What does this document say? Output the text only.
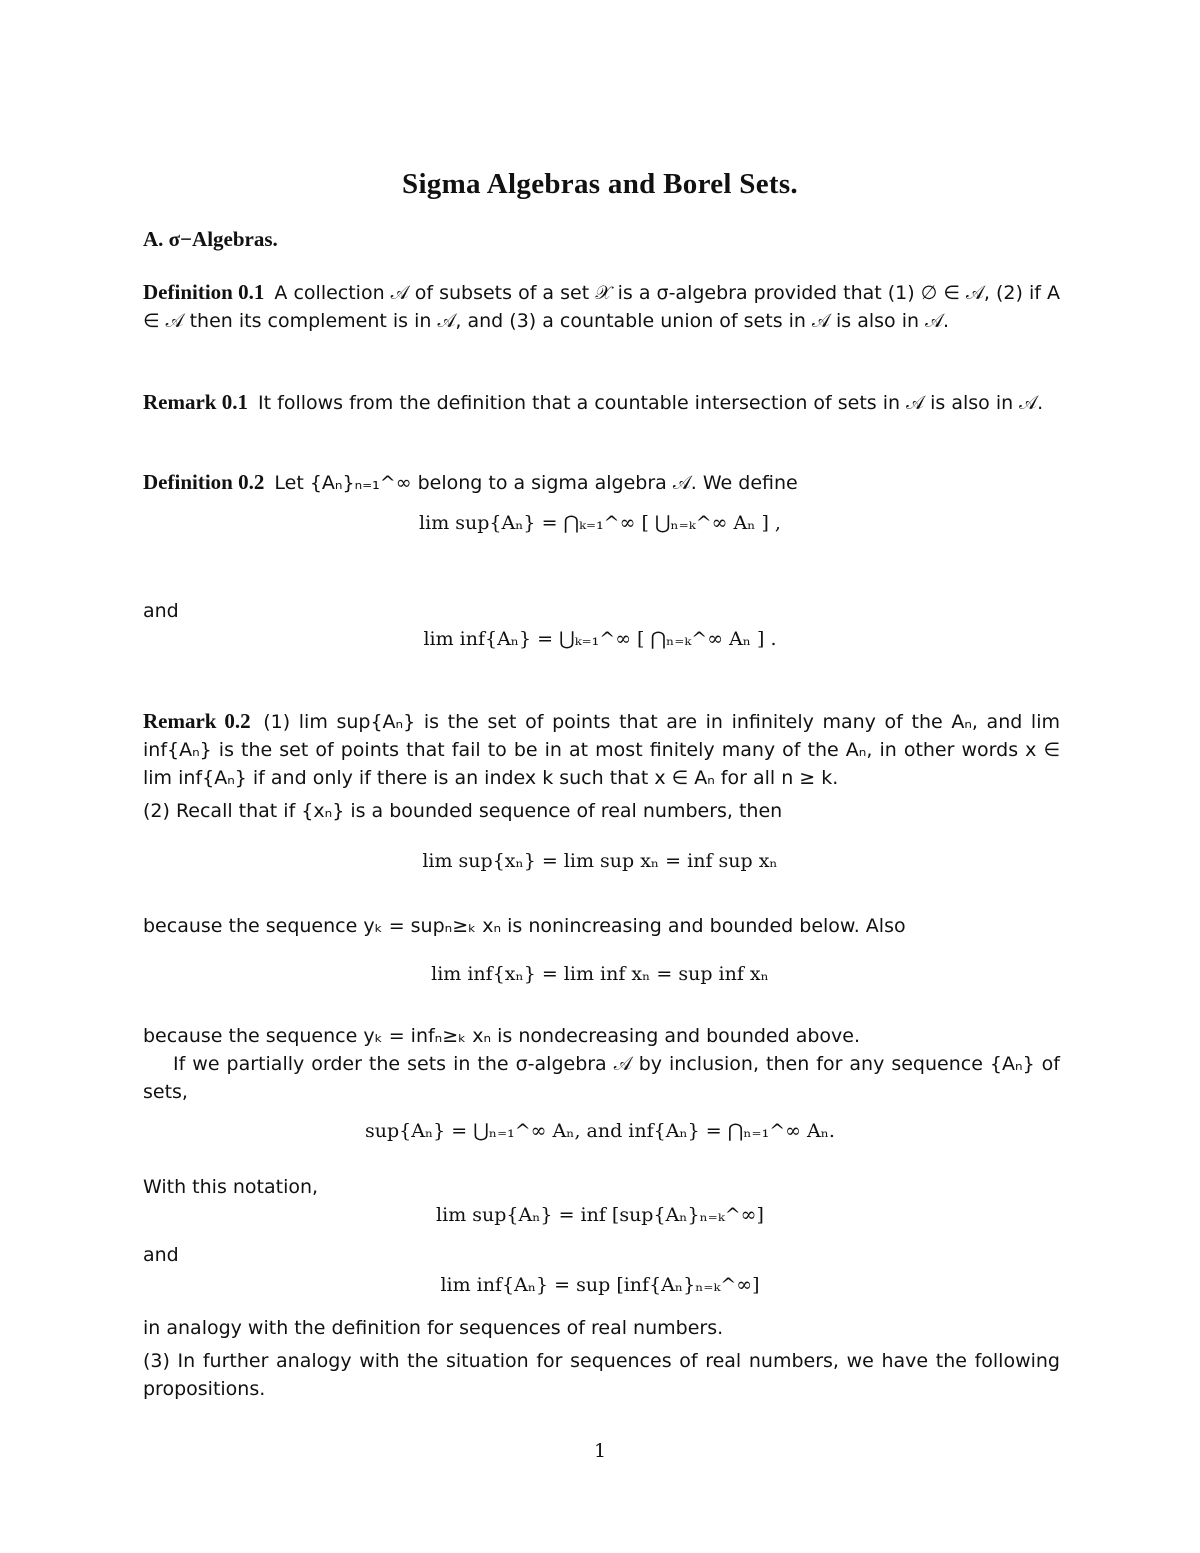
Sigma Algebras and Borel Sets.
A. σ−Algebras.
Definition 0.1 A collection 𝒜 of subsets of a set 𝒳 is a σ-algebra provided that (1) ∅ ∈ 𝒜, (2) if A ∈ 𝒜 then its complement is in 𝒜, and (3) a countable union of sets in 𝒜 is also in 𝒜.
Remark 0.1 It follows from the definition that a countable intersection of sets in 𝒜 is also in 𝒜.
Definition 0.2 Let {Aₙ}ₙ₌₁^∞ belong to a sigma algebra 𝒜. We define
lim sup{Aₙ} = ⋂ₖ₌₁^∞ [ ⋃ₙ₌ₖ^∞ Aₙ ] ,
and
lim inf{Aₙ} = ⋃ₖ₌₁^∞ [ ⋂ₙ₌ₖ^∞ Aₙ ] .
Remark 0.2 (1) lim sup{Aₙ} is the set of points that are in infinitely many of the Aₙ, and lim inf{Aₙ} is the set of points that fail to be in at most finitely many of the Aₙ, in other words x ∈ lim inf{Aₙ} if and only if there is an index k such that x ∈ Aₙ for all n ≥ k.
(2) Recall that if {xₙ} is a bounded sequence of real numbers, then
lim sup{xₙ} = lim sup xₙ = inf sup xₙ
because the sequence yₖ = supₙ≥ₖ xₙ is nonincreasing and bounded below. Also
lim inf{xₙ} = lim inf xₙ = sup inf xₙ
because the sequence yₖ = infₙ≥ₖ xₙ is nondecreasing and bounded above.
If we partially order the sets in the σ-algebra 𝒜 by inclusion, then for any sequence {Aₙ} of sets,
sup{Aₙ} = ⋃ₙ₌₁^∞ Aₙ, and inf{Aₙ} = ⋂ₙ₌₁^∞ Aₙ.
With this notation,
lim sup{Aₙ} = inf [sup{Aₙ}ₙ₌ₖ^∞]
and
lim inf{Aₙ} = sup [inf{Aₙ}ₙ₌ₖ^∞]
in analogy with the definition for sequences of real numbers.
(3) In further analogy with the situation for sequences of real numbers, we have the following propositions.
1
